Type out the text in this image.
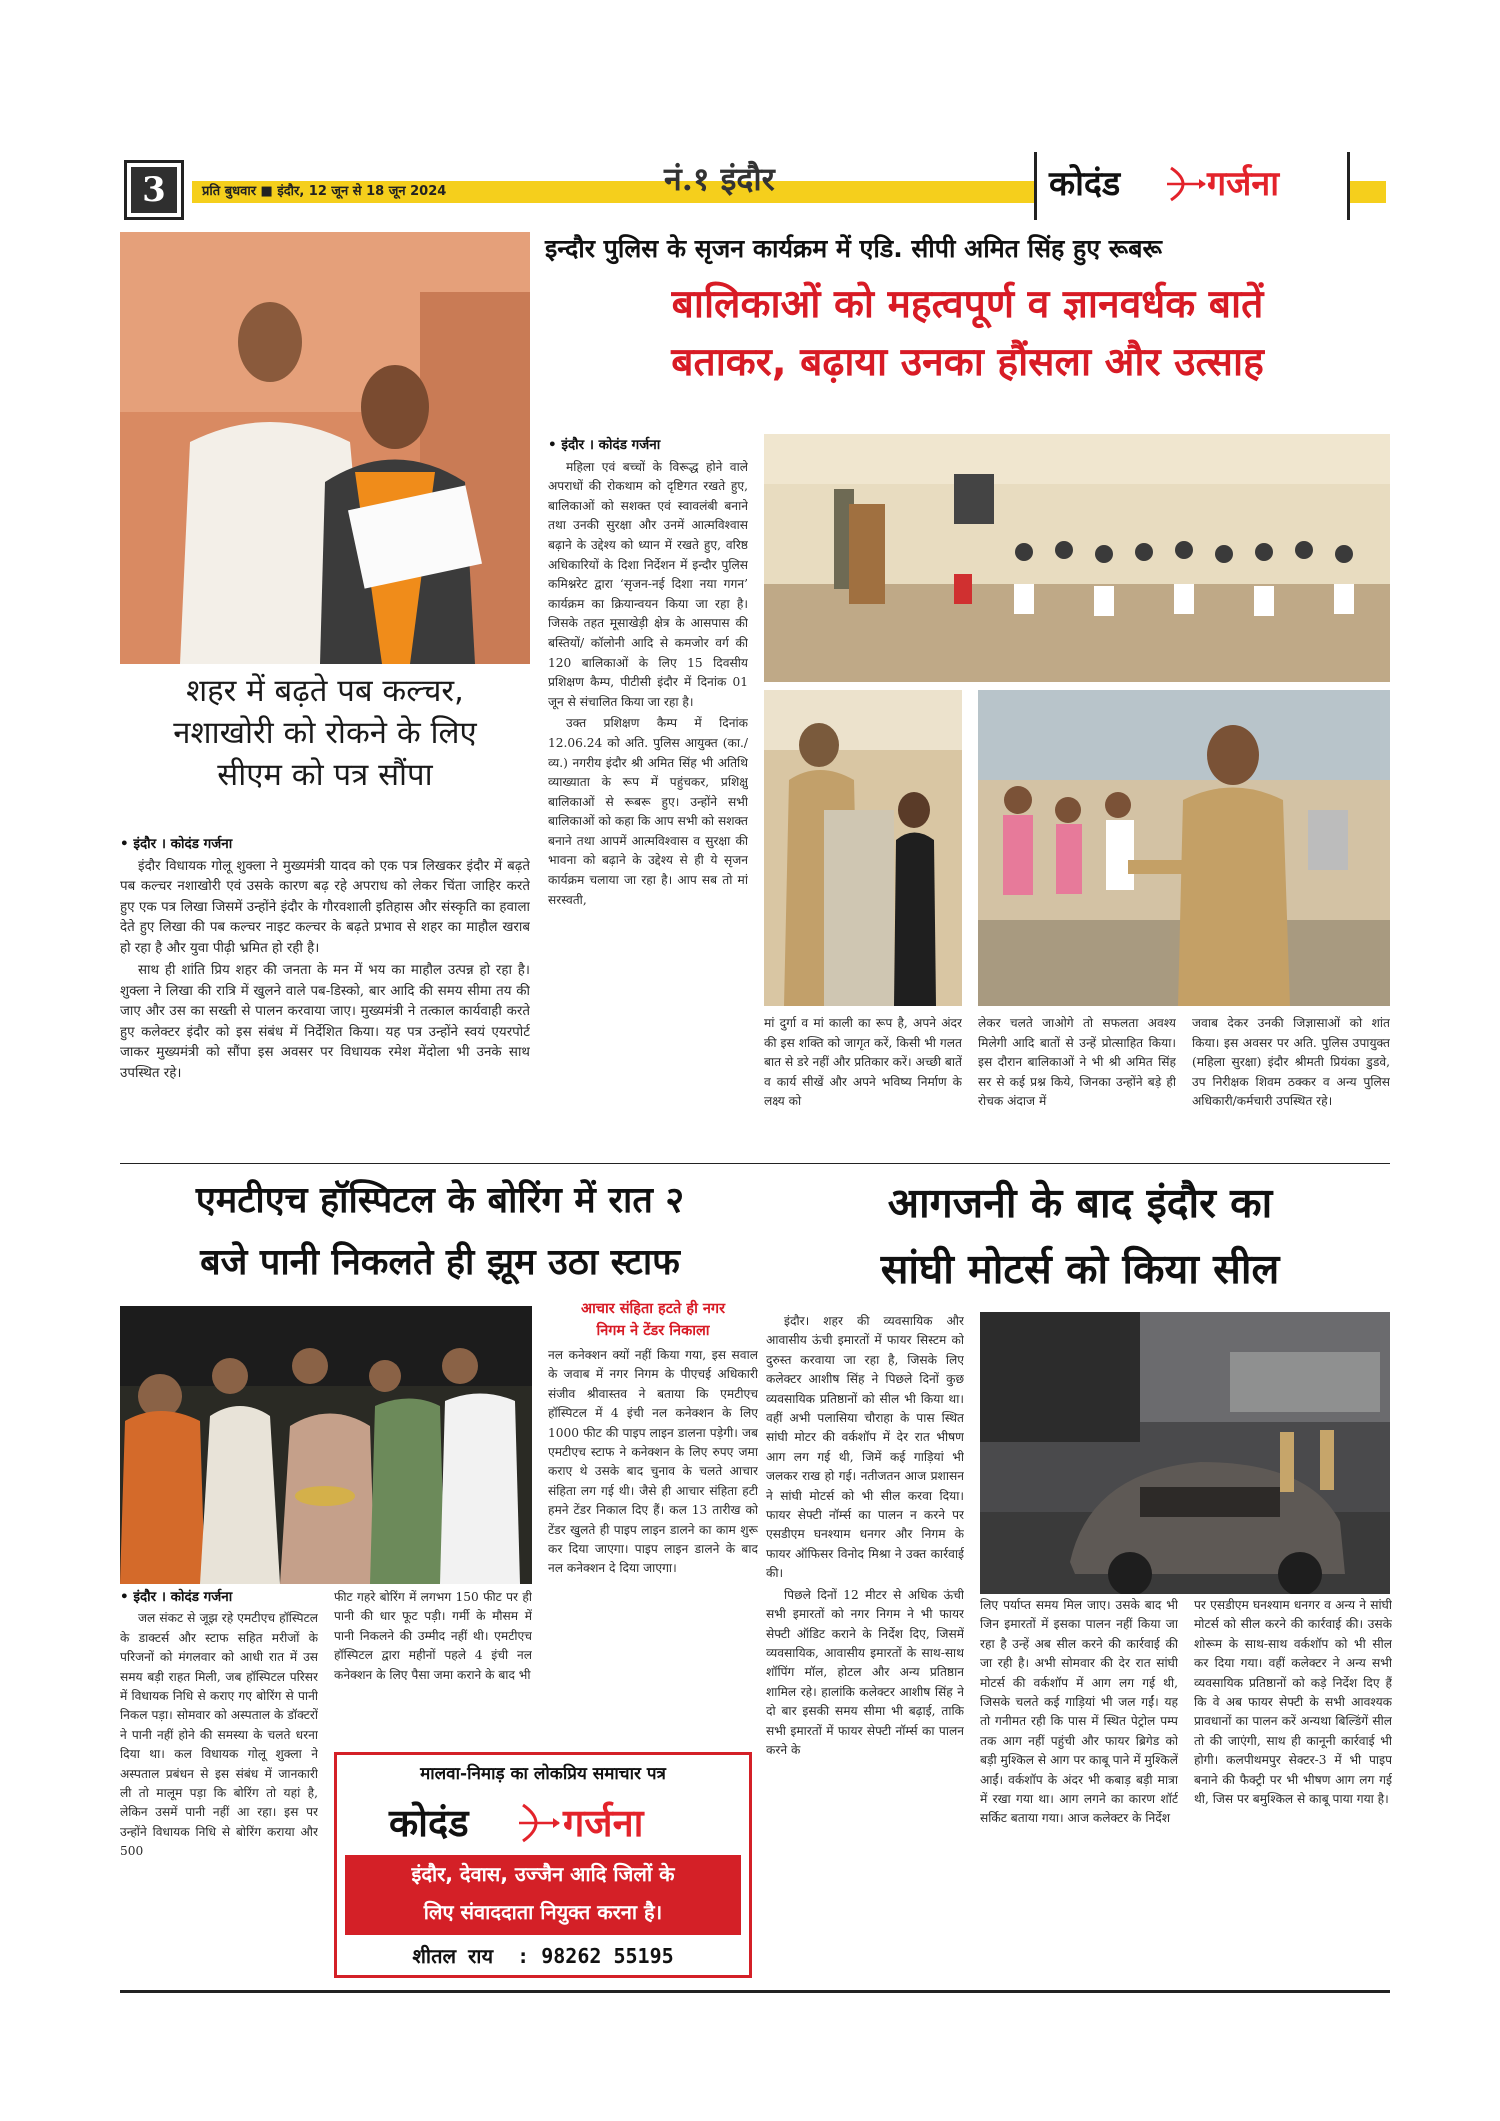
3	प्रति बुधवार ■ इंदौर, 12 जून से 18 जून 2024	नं.१ इंदौर	कोदंड	गर्जना
शहर में बढ़ते पब कल्चर,
नशाखोरी को रोकने के लिए
सीएम को पत्र सौंपा

• इंदौर । कोदंड गर्जना

इंदौर विधायक गोलू शुक्ला ने मुख्यमंत्री यादव को एक पत्र लिखकर इंदौर में बढ़ते पब कल्चर नशाखोरी एवं उसके कारण बढ़ रहे अपराध को लेकर चिंता जाहिर करते हुए एक पत्र लिखा जिसमें उन्होंने इंदौर के गौरवशाली इतिहास और संस्कृति का हवाला देते हुए लिखा की पब कल्चर नाइट कल्चर के बढ़ते प्रभाव से शहर का माहौल खराब हो रहा है और युवा पीढ़ी भ्रमित हो रही है।

साथ ही शांति प्रिय शहर की जनता के मन में भय का माहौल उत्पन्न हो रहा है। शुक्ला ने लिखा की रात्रि में खुलने वाले पब-डिस्को, बार आदि की समय सीमा तय की जाए और उस का सख्ती से पालन करवाया जाए। मुख्यमंत्री ने तत्काल कार्यवाही करते हुए कलेक्टर इंदौर को इस संबंध में निर्देशित किया। यह पत्र उन्होंने स्वयं एयरपोर्ट जाकर मुख्यमंत्री को सौंपा इस अवसर पर विधायक रमेश मेंदोला भी उनके साथ उपस्थित रहे।

इन्दौर पुलिस के सृजन कार्यक्रम में एडि. सीपी अमित सिंह हुए रूबरू
बालिकाओं को महत्वपूर्ण व ज्ञानवर्धक बातें
बताकर, बढ़ाया उनका हौंसला और उत्साह

• इंदौर । कोदंड गर्जना

महिला एवं बच्चों के विरूद्ध होने वाले अपराधों की रोकथाम को दृष्टिगत रखते हुए, बालिकाओं को सशक्त एवं स्वावलंबी बनाने तथा उनकी सुरक्षा और उनमें आत्मविश्वास बढ़ाने के उद्देश्य को ध्यान में रखते हुए, वरिष्ठ अधिकारियों के दिशा निर्देशन में इन्दौर पुलिस कमिश्नरेट द्वारा ‘सृजन-नई दिशा नया गगन’ कार्यक्रम का क्रियान्वयन किया जा रहा है। जिसके तहत मूसाखेड़ी क्षेत्र के आसपास की बस्तियों/ कॉलोनी आदि से कमजोर वर्ग की 120 बालिकाओं के लिए 15 दिवसीय प्रशिक्षण कैम्प, पीटीसी इंदौर में दिनांक 01 जून से संचालित किया जा रहा है।

उक्त प्रशिक्षण कैम्प में दिनांक 12.06.24 को अति. पुलिस आयुक्त (का./व्य.) नगरीय इंदौर श्री अमित सिंह भी अतिथि व्याख्याता के रूप में पहुंचकर, प्रशिक्षु बालिकाओं से रूबरू हुए। उन्होंने सभी बालिकाओं को कहा कि आप सभी को सशक्त बनाने तथा आपमें आत्मविश्वास व सुरक्षा की भावना को बढ़ाने के उद्देश्य से ही ये सृजन कार्यक्रम चलाया जा रहा है। आप सब तो मां सरस्वती,

मां दुर्गा व मां काली का रूप है, अपने अंदर की इस शक्ति को जागृत करें, किसी भी गलत बात से डरे नहीं और प्रतिकार करें। अच्छी बातें व कार्य सीखें और अपने भविष्य निर्माण के लक्ष्य को

लेकर चलते जाओगे तो सफलता अवश्य मिलेगी आदि बातों से उन्हें प्रोत्साहित किया। इस दौरान बालिकाओं ने भी श्री अमित सिंह सर से कई प्रश्न किये, जिनका उन्होंने बड़े ही रोचक अंदाज में

जवाब देकर उनकी जिज्ञासाओं को शांत किया। इस अवसर पर अति. पुलिस उपायुक्त (महिला सुरक्षा) इंदौर श्रीमती प्रियंका डुडवे, उप निरीक्षक शिवम ठक्कर व अन्य पुलिस अधिकारी/कर्मचारी उपस्थित रहे।

एमटीएच हॉस्पिटल के बोरिंग में रात २
बजे पानी निकलते ही झूम उठा स्टाफ
आचार संहिता हटते ही नगर
निगम ने टेंडर निकाला

नल कनेक्शन क्यों नहीं किया गया, इस सवाल के जवाब में नगर निगम के पीएचई अधिकारी संजीव श्रीवास्तव ने बताया कि एमटीएच हॉस्पिटल में 4 इंची नल कनेक्शन के लिए 1000 फीट की पाइप लाइन डालना पड़ेगी। जब एमटीएच स्टाफ ने कनेक्शन के लिए रुपए जमा कराए थे उसके बाद चुनाव के चलते आचार संहिता लग गई थी। जैसे ही आचार संहिता हटी हमने टेंडर निकाल दिए हैं। कल 13 तारीख को टेंडर खुलते ही पाइप लाइन डालने का काम शुरू कर दिया जाएगा। पाइप लाइन डालने के बाद नल कनेक्शन दे दिया जाएगा।

• इंदौर । कोदंड गर्जना

जल संकट से जूझ रहे एमटीएच हॉस्पिटल के डाक्टर्स और स्टाफ सहित मरीजों के परिजनों को मंगलवार को आधी रात में उस समय बड़ी राहत मिली, जब हॉस्पिटल परिसर में विधायक निधि से कराए गए बोरिंग से पानी निकल पड़ा। सोमवार को अस्पताल के डॉक्टरों ने पानी नहीं होने की समस्या के चलते धरना दिया था। कल विधायक गोलू शुक्ला ने अस्पताल प्रबंधन से इस संबंध में जानकारी ली तो मालूम पड़ा कि बोरिंग तो यहां है, लेकिन उसमें पानी नहीं आ रहा। इस पर उन्होंने विधायक निधि से बोरिंग कराया और 500

फीट गहरे बोरिंग में लगभग 150 फीट पर ही पानी की धार फूट पड़ी। गर्मी के मौसम में पानी निकलने की उम्मीद नहीं थी। एमटीएच हॉस्पिटल द्वारा महीनों पहले 4 इंची नल कनेक्शन के लिए पैसा जमा कराने के बाद भी

मालवा-निमाड़ का लोकप्रिय समाचार पत्र
कोदंड गर्जना
इंदौर, देवास, उज्जैन आदि जिलों के
लिए संवाददाता नियुक्त करना है।
शीतल राय  : 98262 55195
आगजनी के बाद इंदौर का
सांघी मोटर्स को किया सील

इंदौर। शहर की व्यवसायिक और आवासीय ऊंची इमारतों में फायर सिस्टम को दुरुस्त करवाया जा रहा है, जिसके लिए कलेक्टर आशीष सिंह ने पिछले दिनों कुछ व्यवसायिक प्रतिष्ठानों को सील भी किया था। वहीं अभी पलासिया चौराहा के पास स्थित सांघी मोटर की वर्कशॉप में देर रात भीषण आग लग गई थी, जिमें कई गाड़ियां भी जलकर राख हो गई। नतीजतन आज प्रशासन ने सांघी मोटर्स को भी सील करवा दिया। फायर सेफ्टी नॉर्म्स का पालन न करने पर एसडीएम घनश्याम धनगर और निगम के फायर ऑफिसर विनोद मिश्रा ने उक्त कार्रवाई की।

पिछले दिनों 12 मीटर से अधिक ऊंची सभी इमारतों को नगर निगम ने भी फायर सेफ्टी ऑडिट कराने के निर्देश दिए, जिसमें व्यवसायिक, आवासीय इमारतों के साथ-साथ शॉपिंग मॉल, होटल और अन्य प्रतिष्ठान शामिल रहे। हालांकि कलेक्टर आशीष सिंह ने दो बार इसकी समय सीमा भी बढ़ाई, ताकि सभी इमारतों में फायर सेफ्टी नॉर्म्स का पालन करने के

लिए पर्याप्त समय मिल जाए। उसके बाद भी जिन इमारतों में इसका पालन नहीं किया जा रहा है उन्हें अब सील करने की कार्रवाई की जा रही है। अभी सोमवार की देर रात सांघी मोटर्स की वर्कशॉप में आग लग गई थी, जिसके चलते कई गाड़ियां भी जल गईं। यह तो गनीमत रही कि पास में स्थित पेट्रोल पम्प तक आग नहीं पहुंची और फायर ब्रिगेड को बड़ी मुश्किल से आग पर काबू पाने में मुश्किलें आईं। वर्कशॉप के अंदर भी कबाड़ बड़ी मात्रा में रखा गया था। आग लगने का कारण शॉर्ट सर्किट बताया गया। आज कलेक्टर के निर्देश

पर एसडीएम घनश्याम धनगर व अन्य ने सांघी मोटर्स को सील करने की कार्रवाई की। उसके शोरूम के साथ-साथ वर्कशॉप को भी सील कर दिया गया। वहीं कलेक्टर ने अन्य सभी व्यवसायिक प्रतिष्ठानों को कड़े निर्देश दिए हैं कि वे अब फायर सेफ्टी के सभी आवश्यक प्रावधानों का पालन करें अन्यथा बिल्डिंगें सील तो की जाएंगी, साथ ही कानूनी कार्रवाई भी होगी। कलपीथमपुर सेक्टर-3 में भी पाइप बनाने की फैक्ट्री पर भी भीषण आग लग गई थी, जिस पर बमुश्किल से काबू पाया गया है।
